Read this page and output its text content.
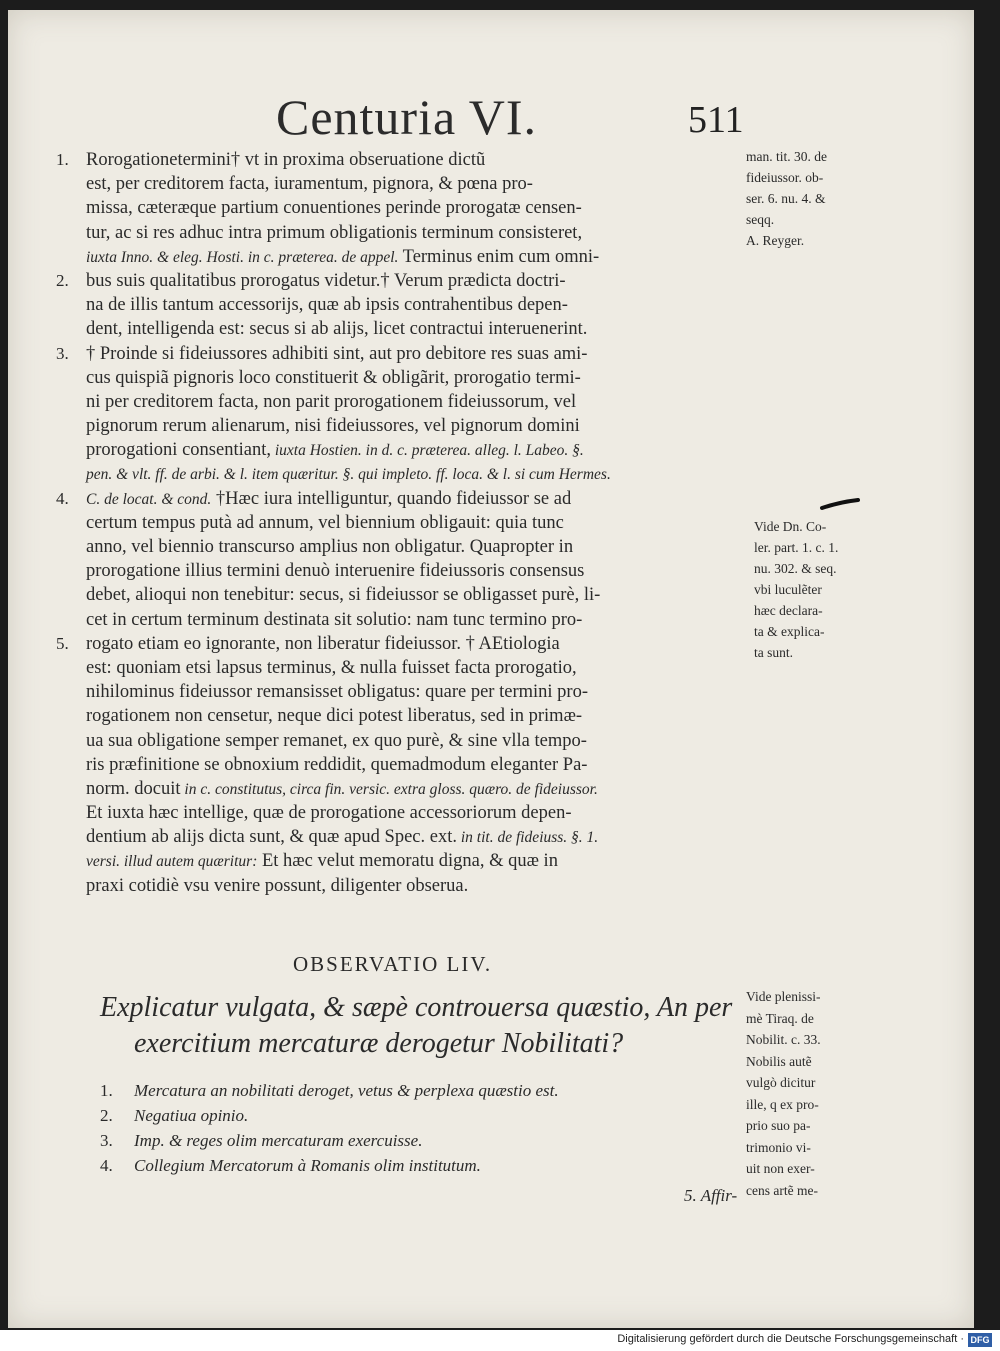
Centuria VI.	511
1. Rorogationetermini† vt in proxima obseruatione dictũ
est, per creditorem facta, iuramentum, pignora, & pœna pro-
missa, cæteræque partium conuentiones perinde prorogatæ censen-
tur, ac si res adhuc intra primum obligationis terminum consisteret,
iuxta Inno. & eleg. Hosti. in c. præterea. de appel. Terminus enim cum omni-
2. bus suis qualitatibus prorogatus videtur.† Verum prædicta doctri-
na de illis tantum accessorijs, quæ ab ipsis contrahentibus depen-
dent, intelligenda est: secus si ab alijs, licet contractui interuenerint.
3. † Proinde si fideiussores adhibiti sint, aut pro debitore res suas ami-
cus quispiã pignoris loco constituerit & obligãrit, prorogatio termi-
ni per creditorem facta, non parit prorogationem fideiussorum, vel
pignorum rerum alienarum, nisi fideiussores, vel pignorum domini
prorogationi consentiant, iuxta Hostien. in d. c. præterea. alleg. l. Labeo. §.
pen. & vlt. ff. de arbi. & l. item quæritur. §. qui impleto. ff. loca. & l. si cum Hermes.
4. C. de locat. & cond. †Hæc iura intelliguntur, quando fideiussor se ad
certum tempus putà ad annum, vel biennium obligauit: quia tunc
anno, vel biennio transcurso amplius non obligatur. Quapropter in
prorogatione illius termini denuò interuenire fideiussoris consensus
debet, alioqui non tenebitur: secus, si fideiussor se obligasset purè, li-
cet in certum terminum destinata sit solutio: nam tunc termino pro-
5. rogato etiam eo ignorante, non liberatur fideiussor. † AEtiologia
est: quoniam etsi lapsus terminus, & nulla fuisset facta prorogatio,
nihilominus fideiussor remansisset obligatus: quare per termini pro-
rogationem non censetur, neque dici potest liberatus, sed in primæ-
ua sua obligatione semper remanet, ex quo purè, & sine vlla tempo-
ris præfinitione se obnoxium reddidit, quemadmodum eleganter Pa-
norm. docuit in c. constitutus, circa fin. versic. extra gloss. quæro. de fideiussor.
Et iuxta hæc intellige, quæ de prorogatione accessoriorum depen-
dentium ab alijs dicta sunt, & quæ apud Spec. ext. in tit. de fideiuss. §. 1.
versi. illud autem quæritur: Et hæc velut memoratu digna, & quæ in
praxi cotidiè vsu venire possunt, diligenter obserua.
man. tit. 30. de
fideiussor. ob-
ser. 6. nu. 4. &
seqq.
A. Reyger.
Vide Dn. Co-
ler. part. 1. c. 1.
nu. 302. & seq.
vbi luculẽter
hæc declara-
ta & explica-
ta sunt.
Vide plenissi-
mè Tiraq. de
Nobilit. c. 33.
Nobilis autẽ
vulgò dicitur
ille, q ex pro-
prio suo pa-
trimonio vi-
uit non exer-
cens artẽ me-
OBSERVATIO LIV.
Explicatur vulgata, & sæpè controuersa quæstio, An per
exercitium mercaturæ derogetur Nobilitati?
1. Mercatura an nobilitati deroget, vetus & perplexa quæstio est.
2. Negatiua opinio.
3. Imp. & reges olim mercaturam exercuisse.
4. Collegium Mercatorum à Romanis olim institutum.
5. Affir-
Digitalisierung gefördert durch die Deutsche Forschungsgemeinschaft · DFG
